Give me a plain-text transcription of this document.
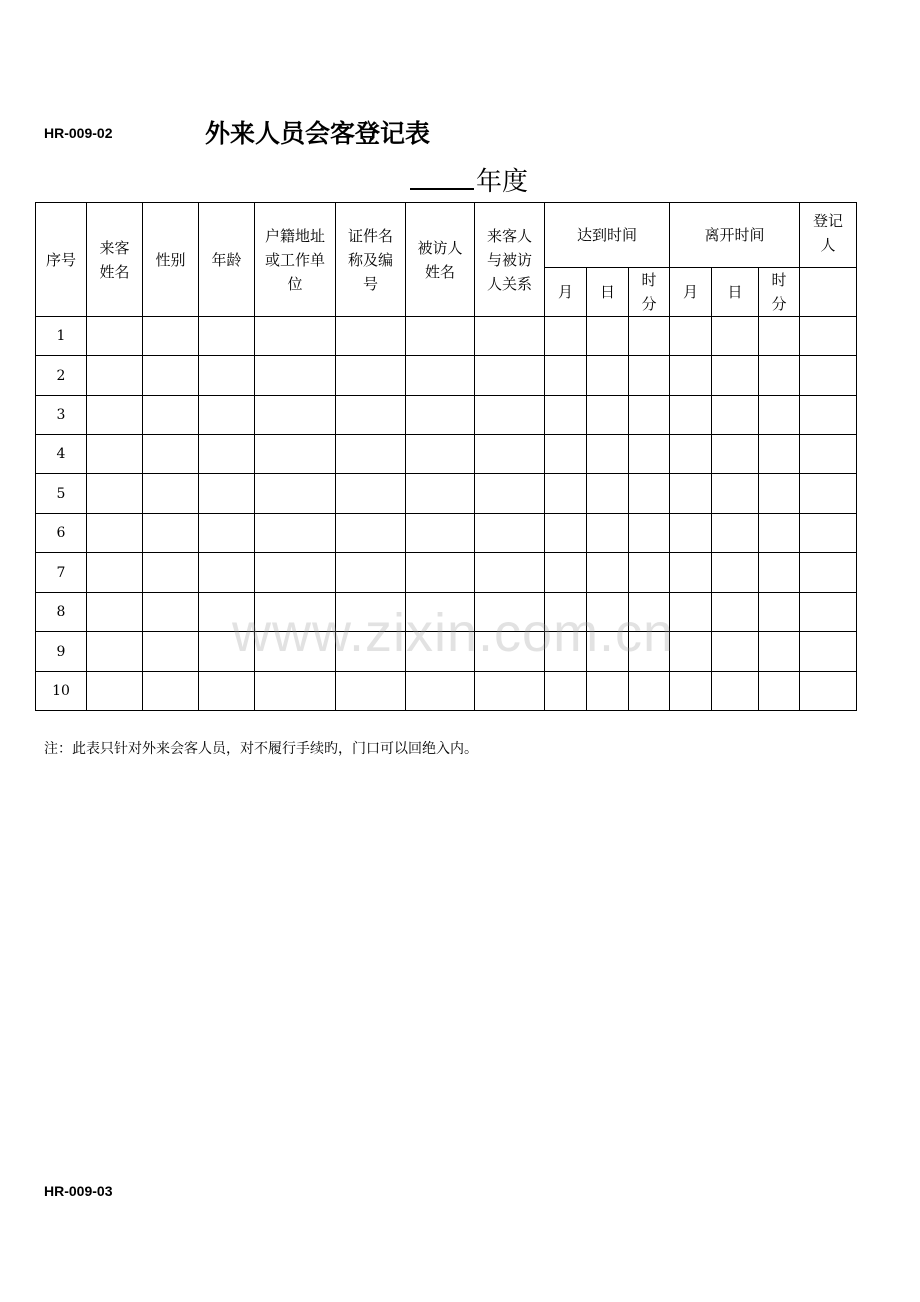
HR-009-02	外来人员会客登记表
年度
序号	来客姓名	性别	年龄	户籍地址或工作单位	证件名称及编号	被访人姓名	来客人与被访人关系	达到时间			离开时间			登记人
								月	日	时分	月	日	时分	
1														
2														
3														
4														
5														
6														
7														
8														
9														
10														
www.zixin.com.cn
注：此表只针对外来会客人员，对不履行手续旳，门口可以回绝入内。
HR-009-03
